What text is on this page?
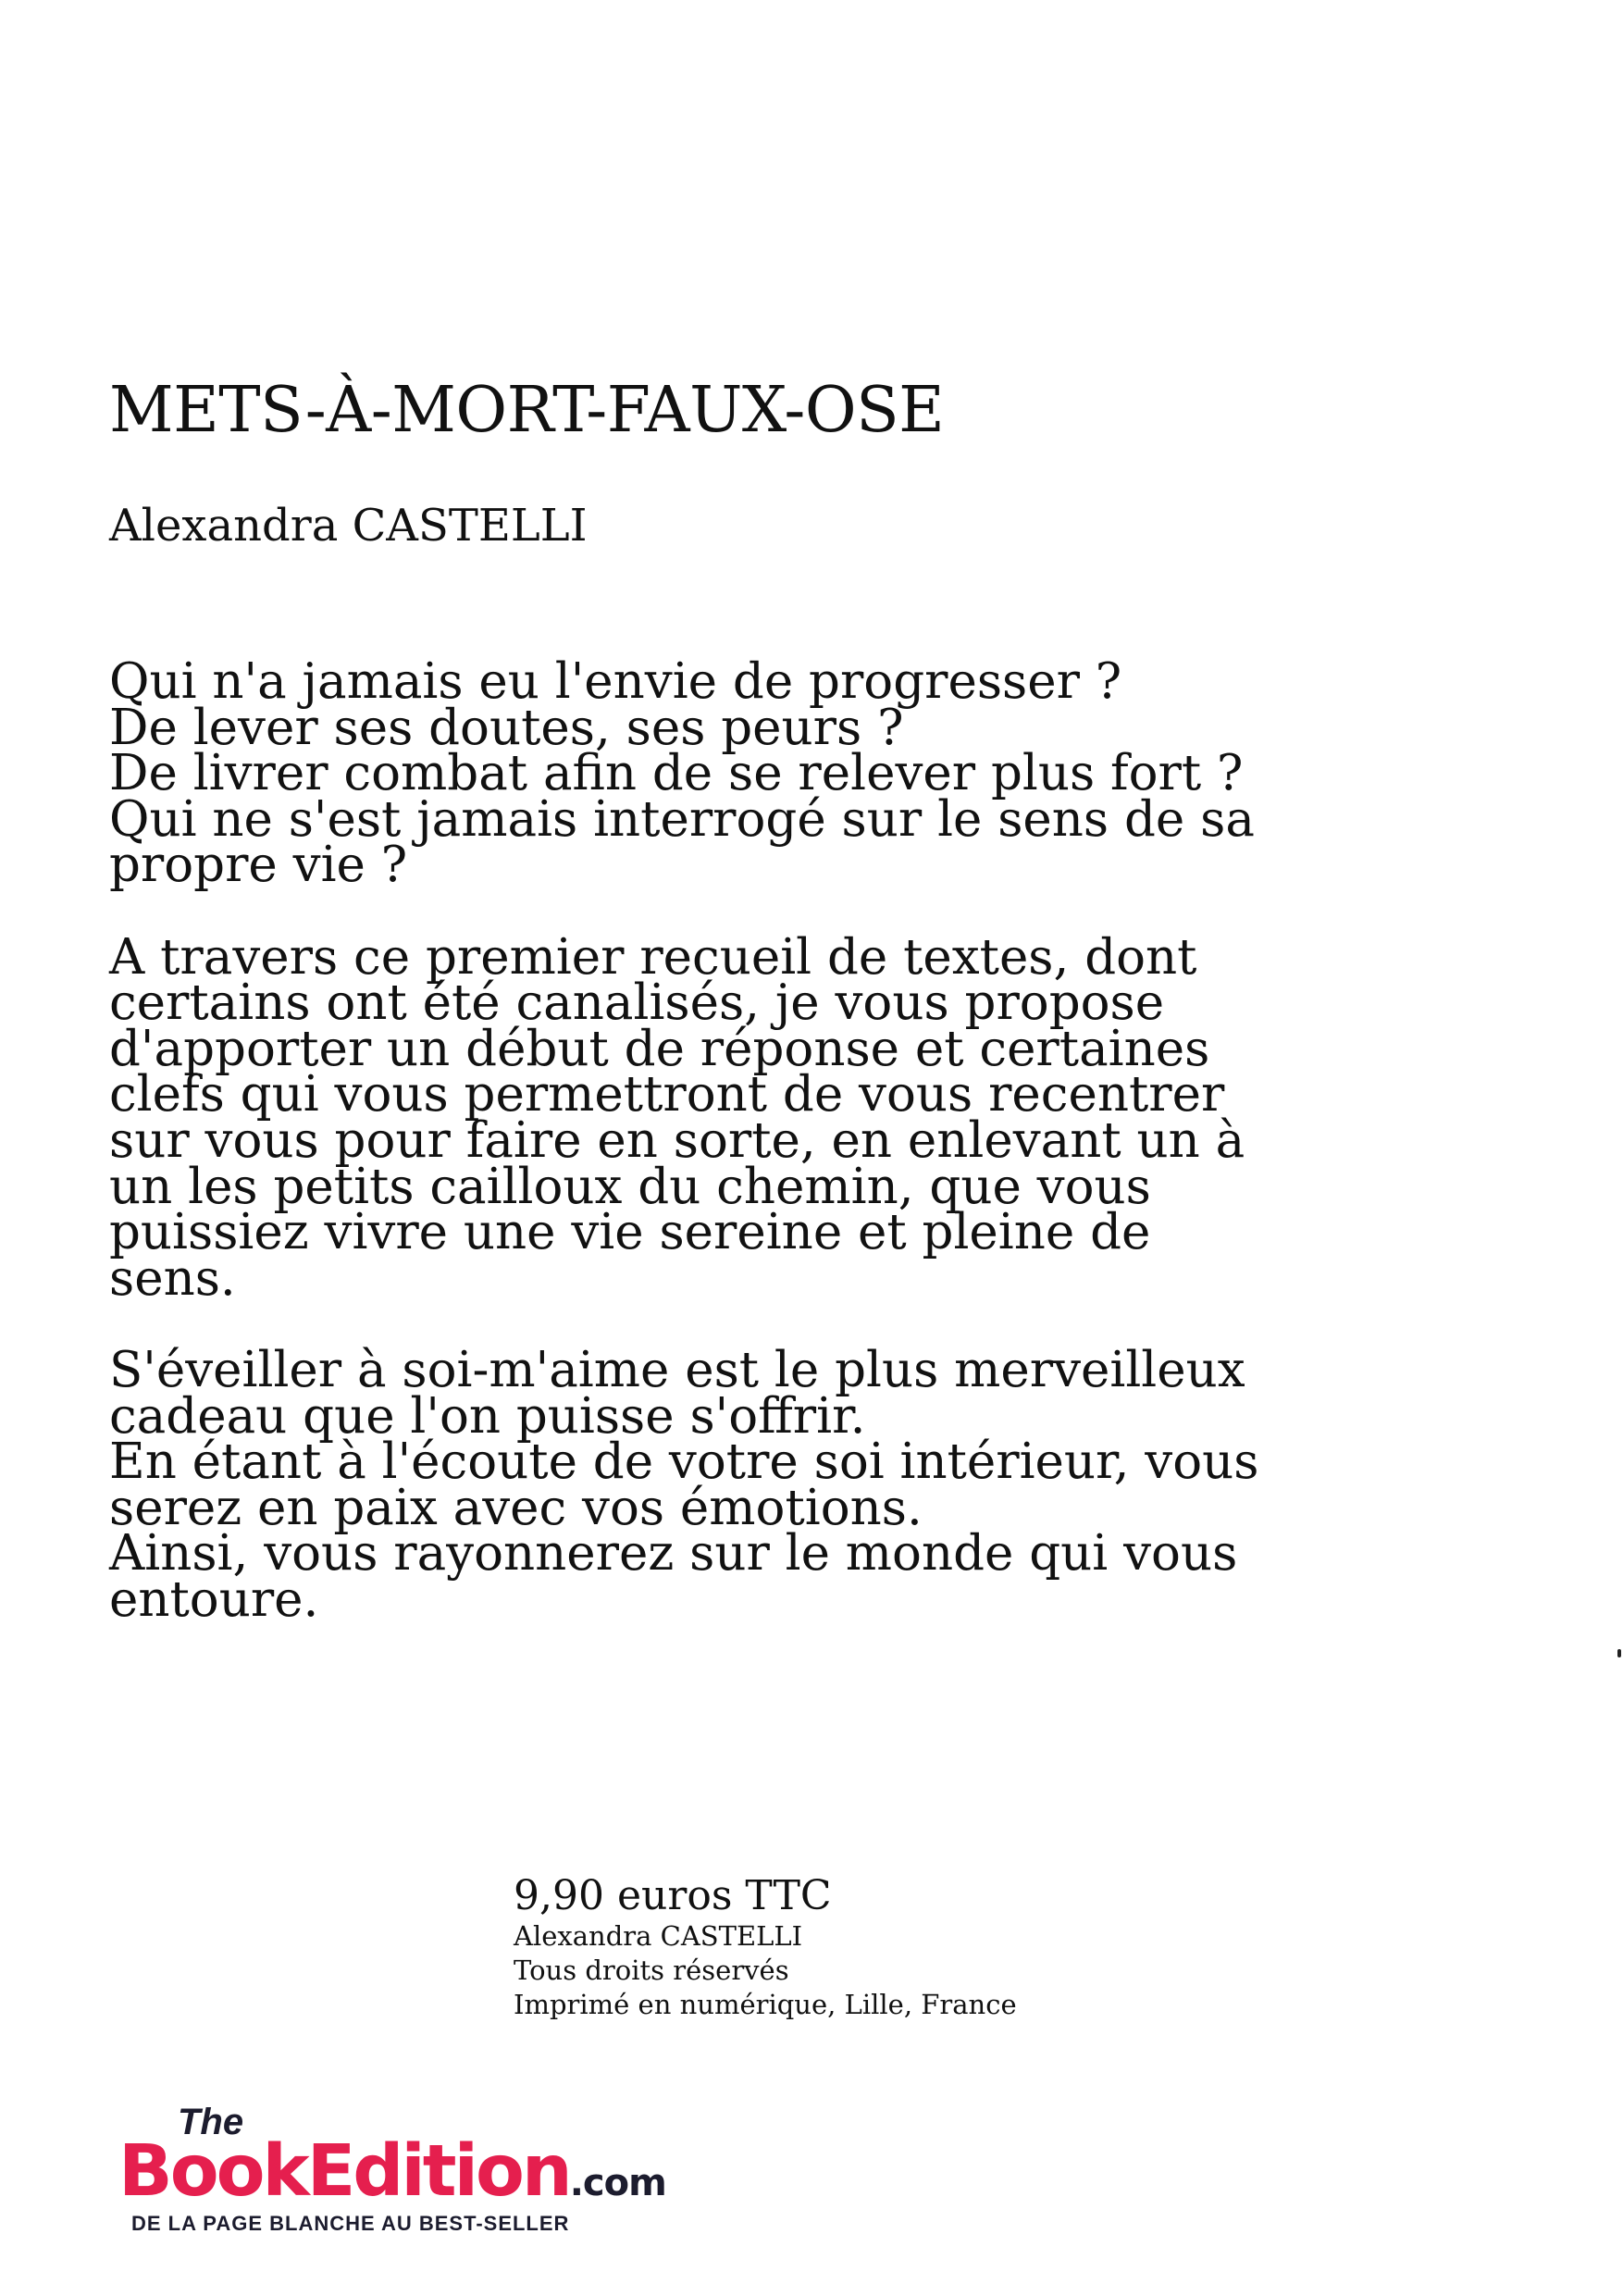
METS-À-MORT-FAUX-OSE
Alexandra CASTELLI
Qui n'a jamais eu l'envie de progresser ?
De lever ses doutes, ses peurs ?
De livrer combat afin de se relever plus fort ?
Qui ne s'est jamais interrogé sur le sens de sa
propre vie ?
A travers ce premier recueil de textes, dont
certains ont été canalisés, je vous propose
d'apporter un début de réponse et certaines
clefs qui vous permettront de vous recentrer
sur vous pour faire en sorte, en enlevant un à
un les petits cailloux du chemin, que vous
puissiez vivre une vie sereine et pleine de
sens.
S'éveiller à soi-m'aime est le plus merveilleux
cadeau que l'on puisse s'offrir.
En étant à l'écoute de votre soi intérieur, vous
serez en paix avec vos émotions.
Ainsi, vous rayonnerez sur le monde qui vous
entoure.
9,90 euros TTC
Alexandra CASTELLI
Tous droits réservés
Imprimé en numérique, Lille, France
The
BookEdition.com
DE LA PAGE BLANCHE AU BEST-SELLER
